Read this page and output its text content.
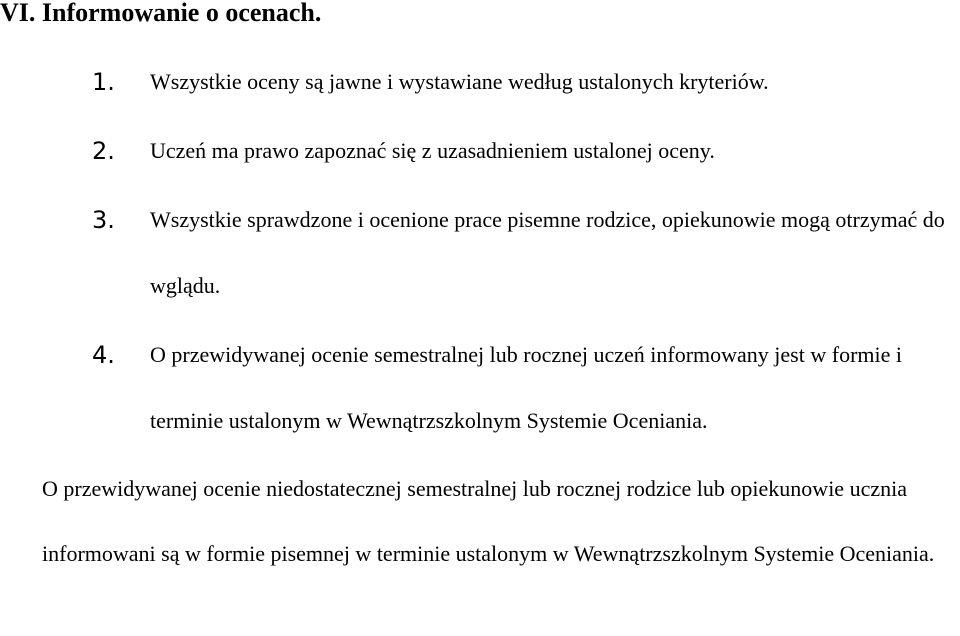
VI. Informowanie o ocenach.
1. Wszystkie oceny są jawne i wystawiane według ustalonych kryteriów.
2. Uczeń ma prawo zapoznać się z uzasadnieniem ustalonej oceny.
3. Wszystkie sprawdzone i ocenione prace pisemne rodzice, opiekunowie mogą otrzymać do wglądu.
4. O przewidywanej ocenie semestralnej lub rocznej uczeń informowany jest w formie i terminie ustalonym w Wewnątrzszkolnym Systemie Oceniania.

O przewidywanej ocenie niedostatecznej semestralnej lub rocznej rodzice lub opiekunowie ucznia informowani są w formie pisemnej w terminie ustalonym w Wewnątrzszkolnym Systemie Oceniania.
